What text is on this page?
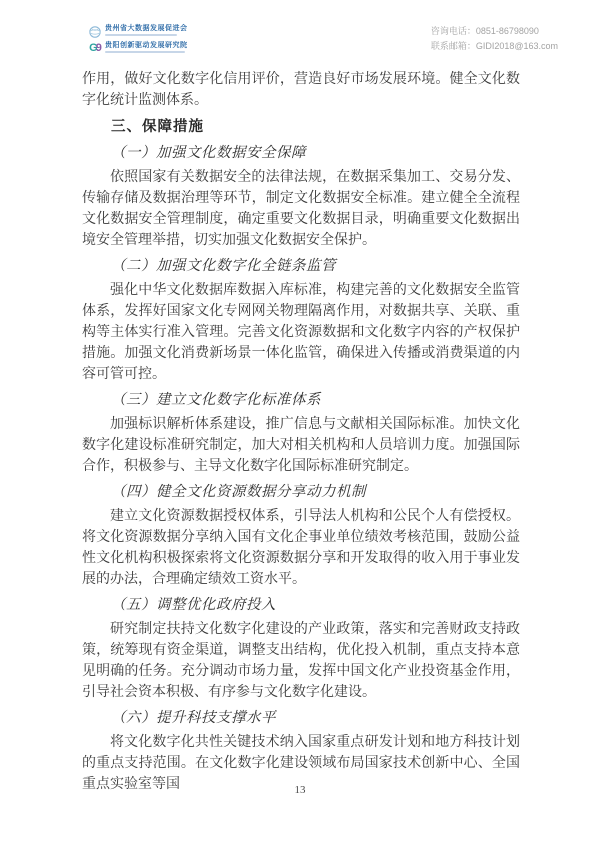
贵州省大数据发展促进会
G9 贵阳创新驱动发展研究院
咨询电话：0851-86798090
联系邮箱：GIDI2018@163.com

作用，做好文化数字化信用评价，营造良好市场发展环境。健全文化数字化统计监测体系。

三、保障措施

（一）加强文化数据安全保障

依照国家有关数据安全的法律法规，在数据采集加工、交易分发、传输存储及数据治理等环节，制定文化数据安全标准。建立健全全流程文化数据安全管理制度，确定重要文化数据目录，明确重要文化数据出境安全管理举措，切实加强文化数据安全保护。

（二）加强文化数字化全链条监管

强化中华文化数据库数据入库标准，构建完善的文化数据安全监管体系，发挥好国家文化专网网关物理隔离作用，对数据共享、关联、重构等主体实行准入管理。完善文化资源数据和文化数字内容的产权保护措施。加强文化消费新场景一体化监管，确保进入传播或消费渠道的内容可管可控。

（三）建立文化数字化标准体系

加强标识解析体系建设，推广信息与文献相关国际标准。加快文化数字化建设标准研究制定，加大对相关机构和人员培训力度。加强国际合作，积极参与、主导文化数字化国际标准研究制定。

（四）健全文化资源数据分享动力机制

建立文化资源数据授权体系，引导法人机构和公民个人有偿授权。将文化资源数据分享纳入国有文化企事业单位绩效考核范围，鼓励公益性文化机构积极探索将文化资源数据分享和开发取得的收入用于事业发展的办法，合理确定绩效工资水平。

（五）调整优化政府投入

研究制定扶持文化数字化建设的产业政策，落实和完善财政支持政策，统筹现有资金渠道，调整支出结构，优化投入机制，重点支持本意见明确的任务。充分调动市场力量，发挥中国文化产业投资基金作用，引导社会资本积极、有序参与文化数字化建设。

（六）提升科技支撑水平

将文化数字化共性关键技术纳入国家重点研发计划和地方科技计划的重点支持范围。在文化数字化建设领域布局国家技术创新中心、全国重点实验室等国	13
